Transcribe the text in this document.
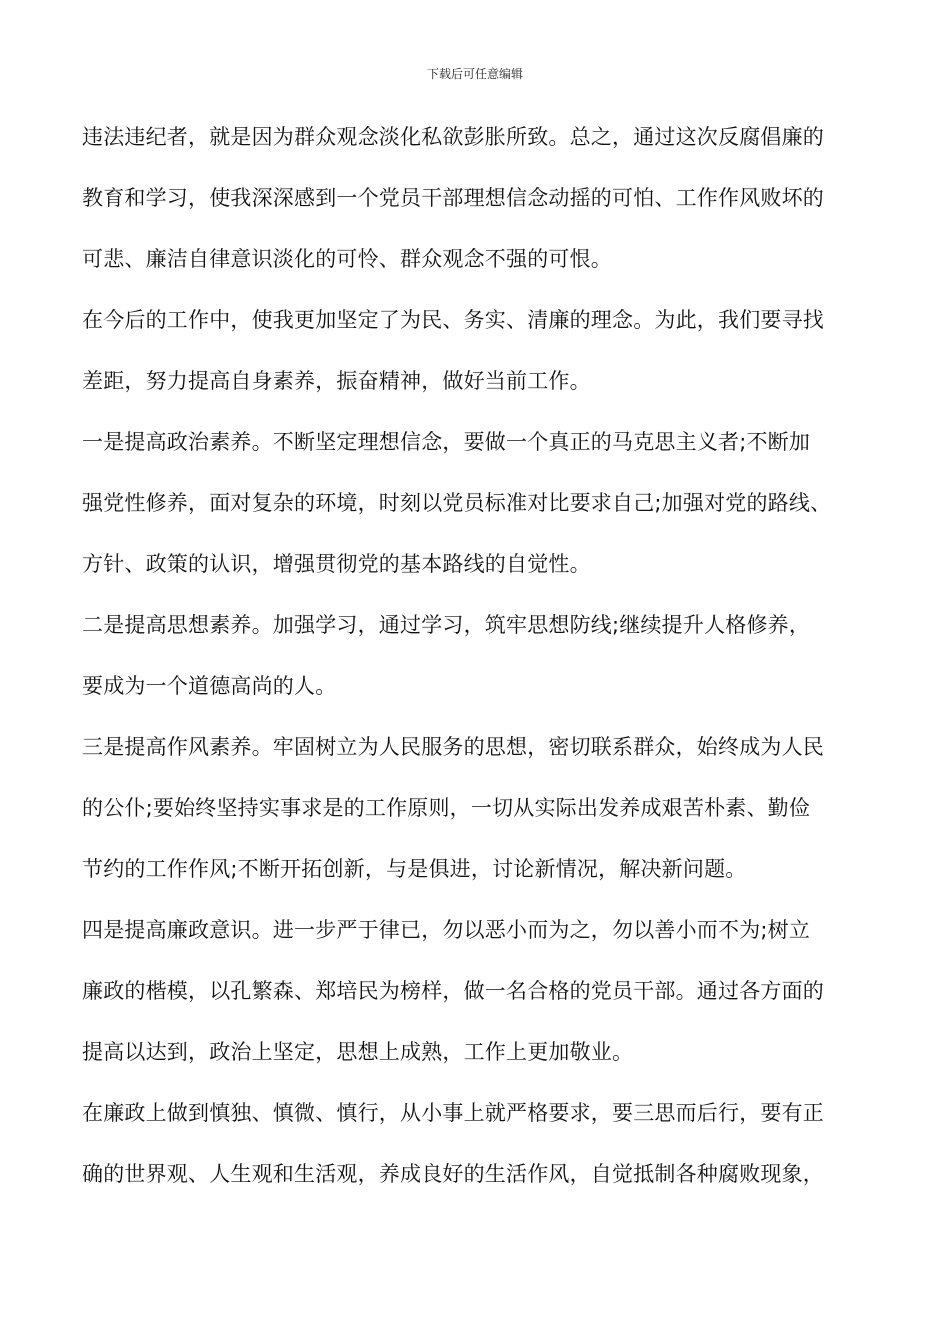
下载后可任意编辑
违法违纪者，就是因为群众观念淡化私欲彭胀所致。总之，通过这次反腐倡廉的
教育和学习，使我深深感到一个党员干部理想信念动摇的可怕、工作作风败坏的
可悲、廉洁自律意识淡化的可怜、群众观念不强的可恨。
在今后的工作中，使我更加坚定了为民、务实、清廉的理念。为此，我们要寻找
差距，努力提高自身素养，振奋精神，做好当前工作。
一是提高政治素养。不断坚定理想信念，要做一个真正的马克思主义者;不断加
强党性修养，面对复杂的环境，时刻以党员标准对比要求自己;加强对党的路线、
方针、政策的认识，增强贯彻党的基本路线的自觉性。
二是提高思想素养。加强学习，通过学习，筑牢思想防线;继续提升人格修养，
要成为一个道德高尚的人。
三是提高作风素养。牢固树立为人民服务的思想，密切联系群众，始终成为人民
的公仆;要始终坚持实事求是的工作原则，一切从实际出发养成艰苦朴素、勤俭
节约的工作作风;不断开拓创新，与是俱进，讨论新情况，解决新问题。
四是提高廉政意识。进一步严于律已，勿以恶小而为之，勿以善小而不为;树立
廉政的楷模，以孔繁森、郑培民为榜样，做一名合格的党员干部。通过各方面的
提高以达到，政治上坚定，思想上成熟，工作上更加敬业。
在廉政上做到慎独、慎微、慎行，从小事上就严格要求，要三思而后行，要有正
确的世界观、人生观和生活观，养成良好的生活作风，自觉抵制各种腐败现象，
